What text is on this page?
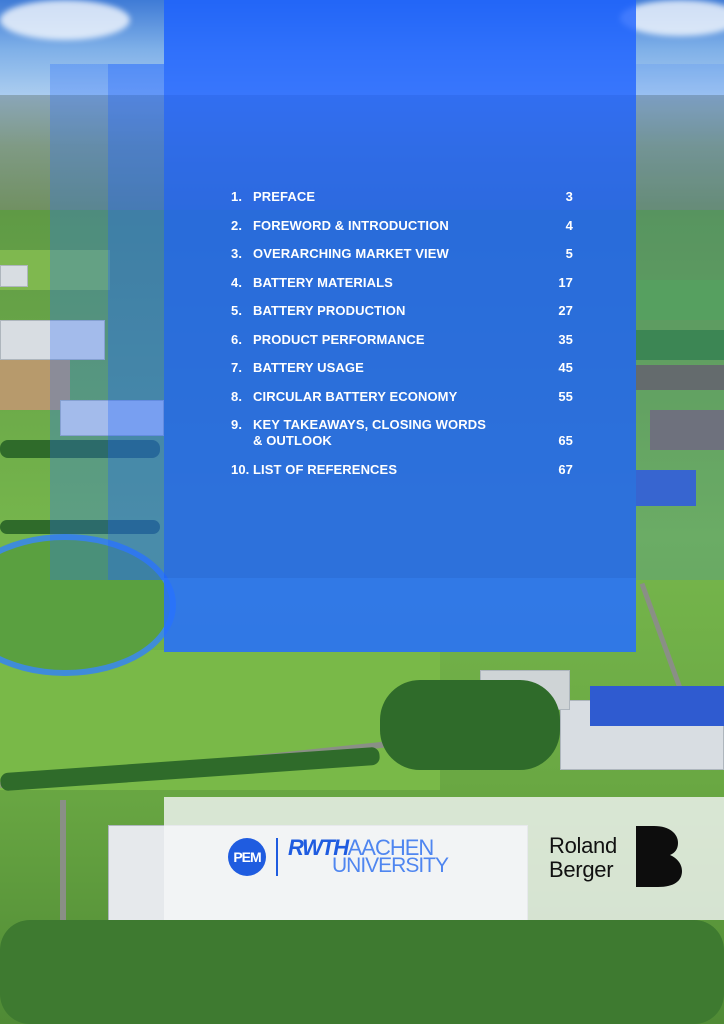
1. PREFACE	3
2. FOREWORD & INTRODUCTION	4
3. OVERARCHING MARKET VIEW	5
4. BATTERY MATERIALS	17
5. BATTERY PRODUCTION	27
6. PRODUCT PERFORMANCE	35
7. BATTERY USAGE	45
8. CIRCULAR BATTERY ECONOMY	55
9. KEY TAKEAWAYS, CLOSING WORDS
& OUTLOOK	65
10. LIST OF REFERENCES	67
PEM RWTHAACHEN
UNIVERSITY
Roland
Berger
